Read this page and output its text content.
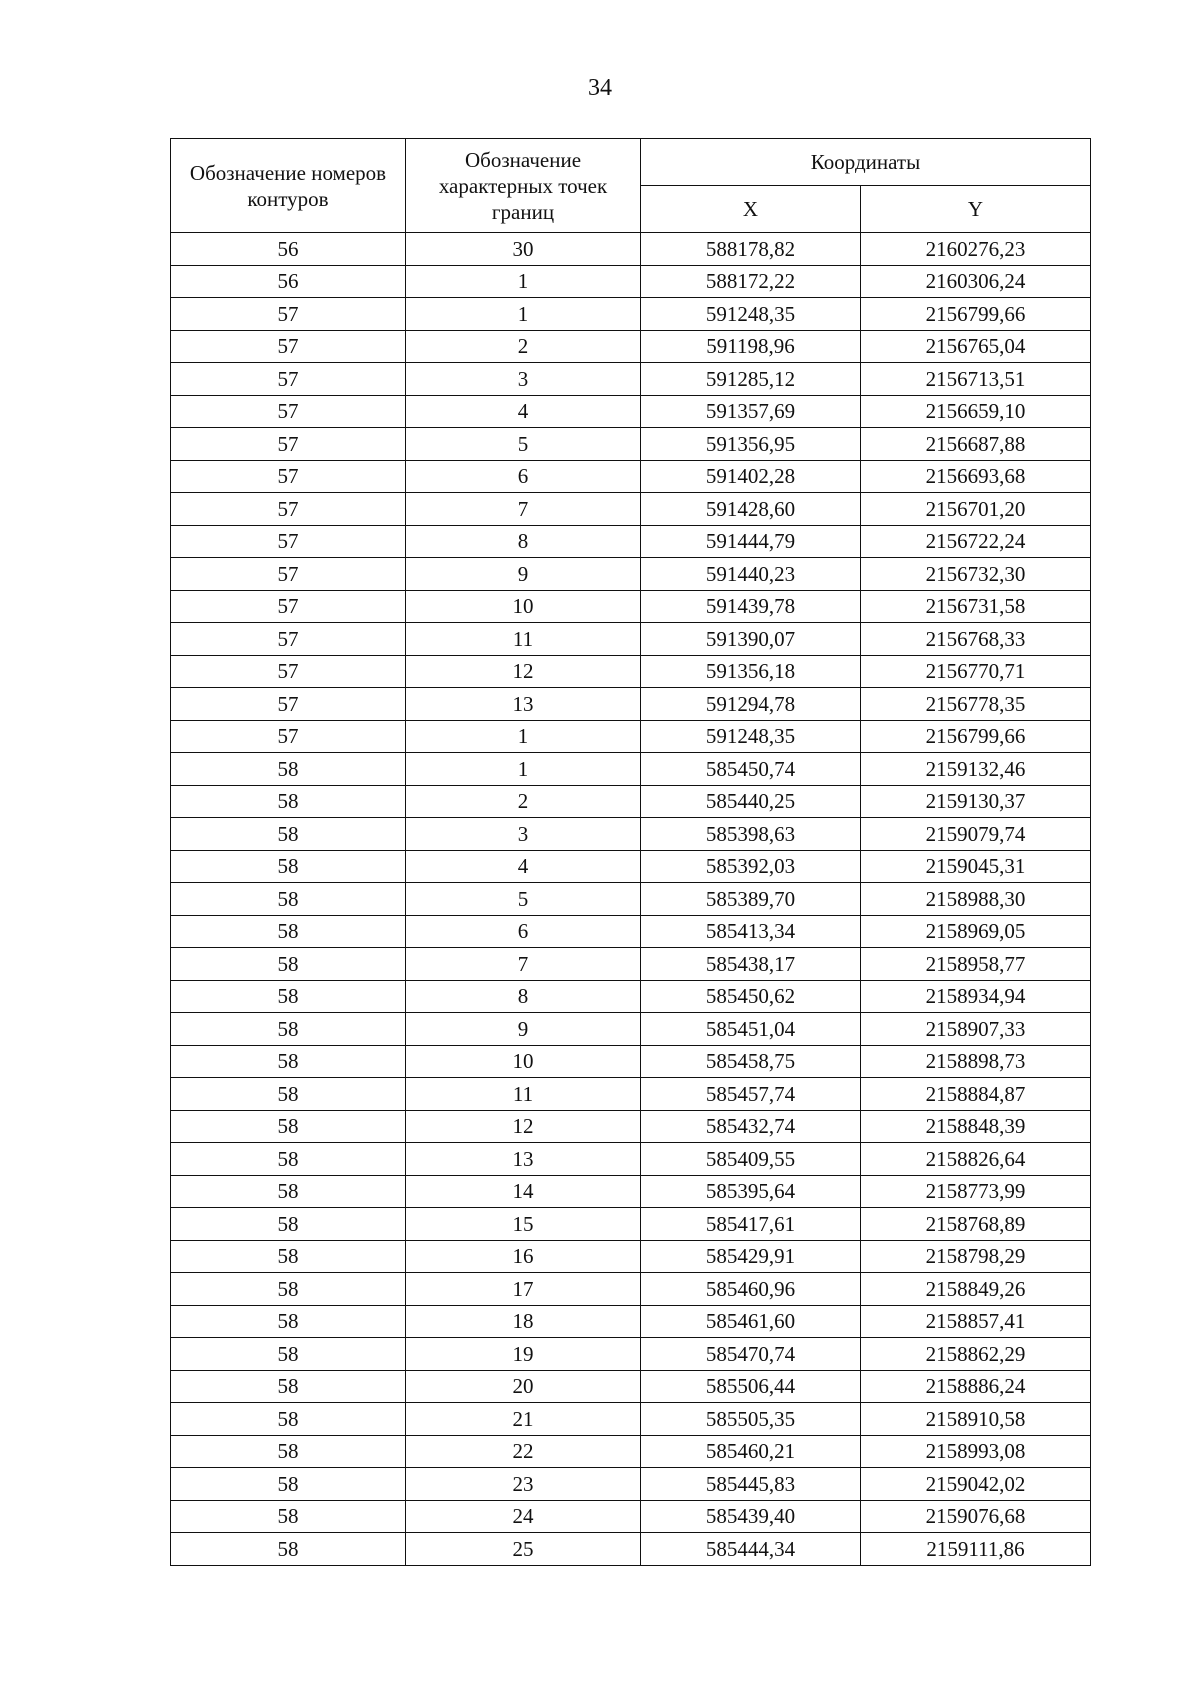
34
Обозначение номеров контуров	Обозначение характерных точек границ	Координаты	
		X	Y
56	30	588178,82	2160276,23
56	1	588172,22	2160306,24
57	1	591248,35	2156799,66
57	2	591198,96	2156765,04
57	3	591285,12	2156713,51
57	4	591357,69	2156659,10
57	5	591356,95	2156687,88
57	6	591402,28	2156693,68
57	7	591428,60	2156701,20
57	8	591444,79	2156722,24
57	9	591440,23	2156732,30
57	10	591439,78	2156731,58
57	11	591390,07	2156768,33
57	12	591356,18	2156770,71
57	13	591294,78	2156778,35
57	1	591248,35	2156799,66
58	1	585450,74	2159132,46
58	2	585440,25	2159130,37
58	3	585398,63	2159079,74
58	4	585392,03	2159045,31
58	5	585389,70	2158988,30
58	6	585413,34	2158969,05
58	7	585438,17	2158958,77
58	8	585450,62	2158934,94
58	9	585451,04	2158907,33
58	10	585458,75	2158898,73
58	11	585457,74	2158884,87
58	12	585432,74	2158848,39
58	13	585409,55	2158826,64
58	14	585395,64	2158773,99
58	15	585417,61	2158768,89
58	16	585429,91	2158798,29
58	17	585460,96	2158849,26
58	18	585461,60	2158857,41
58	19	585470,74	2158862,29
58	20	585506,44	2158886,24
58	21	585505,35	2158910,58
58	22	585460,21	2158993,08
58	23	585445,83	2159042,02
58	24	585439,40	2159076,68
58	25	585444,34	2159111,86
